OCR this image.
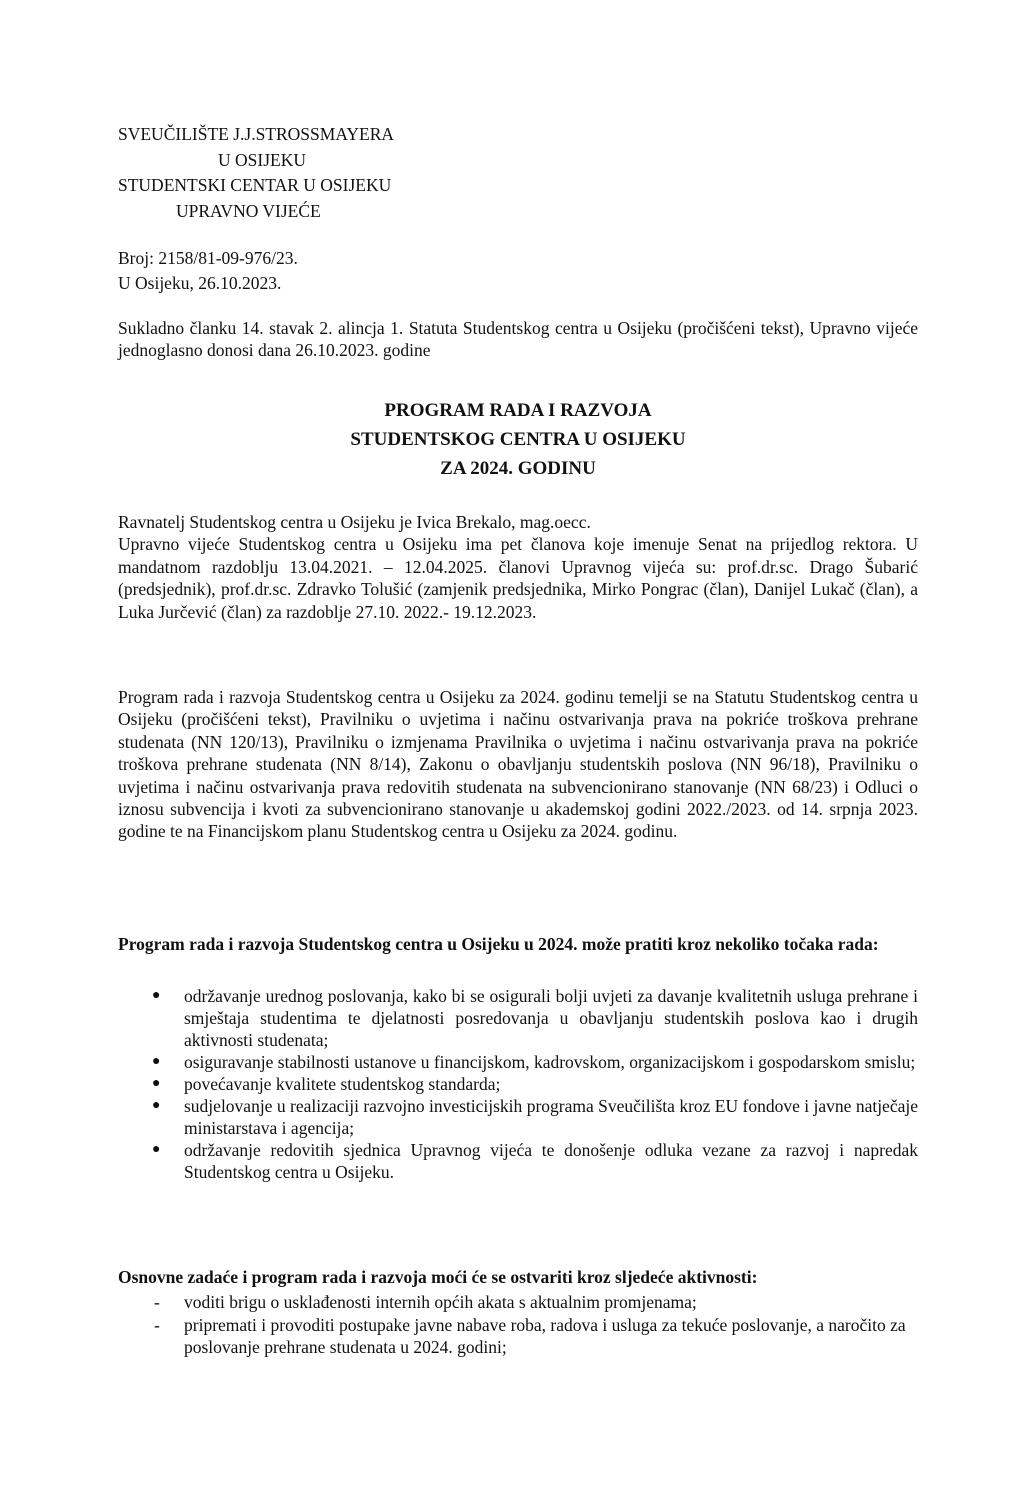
SVEUČILIŠTE J.J.STROSSMAYERA
U OSIJEKU
STUDENTSKI CENTAR U OSIJEKU
UPRAVNO VIJEĆE
Broj: 2158/81-09-976/23.
U Osijeku, 26.10.2023.
Sukladno članku 14. stavak 2. alincja 1. Statuta Studentskog centra u Osijeku (pročišćeni tekst), Upravno vijeće jednoglasno donosi dana 26.10.2023. godine
PROGRAM RADA I RAZVOJA
STUDENTSKOG CENTRA U OSIJEKU
ZA 2024. GODINU

Ravnatelj Studentskog centra u Osijeku je Ivica Brekalo, mag.oecc.

Upravno vijeće Studentskog centra u Osijeku ima pet članova koje imenuje Senat na prijedlog rektora. U mandatnom razdoblju 13.04.2021. – 12.04.2025. članovi Upravnog vijeća su: prof.dr.sc. Drago Šubarić (predsjednik), prof.dr.sc. Zdravko Tolušić (zamjenik predsjednika, Mirko Pongrac (član), Danijel Lukač (član), a Luka Jurčević (član) za razdoblje 27.10. 2022.- 19.12.2023.

Program rada i razvoja Studentskog centra u Osijeku za 2024. godinu temelji se na Statutu Studentskog centra u Osijeku (pročišćeni tekst), Pravilniku o uvjetima i načinu ostvarivanja prava na pokriće troškova prehrane studenata (NN 120/13), Pravilniku o izmjenama Pravilnika o uvjetima i načinu ostvarivanja prava na pokriće troškova prehrane studenata (NN 8/14), Zakonu o obavljanju studentskih poslova (NN 96/18), Pravilniku o uvjetima i načinu ostvarivanja prava redovitih studenata na subvencionirano stanovanje (NN 68/23) i Odluci o iznosu subvencija i kvoti za subvencionirano stanovanje u akademskoj godini 2022./2023. od 14. srpnja 2023. godine te na Financijskom planu Studentskog centra u Osijeku za 2024. godinu.
Program rada i razvoja Studentskog centra u Osijeku u 2024. može pratiti kroz nekoliko točaka rada:
● održavanje urednog poslovanja, kako bi se osigurali bolji uvjeti za davanje kvalitetnih usluga prehrane i smještaja studentima te djelatnosti posredovanja u obavljanju studentskih poslova kao i drugih aktivnosti studenata;
● osiguravanje stabilnosti ustanove u financijskom, kadrovskom, organizacijskom i gospodarskom smislu;
● povećavanje kvalitete studentskog standarda;
● sudjelovanje u realizaciji razvojno investicijskih programa Sveučilišta kroz EU fondove i javne natječaje ministarstava i agencija;
● održavanje redovitih sjednica Upravnog vijeća te donošenje odluka vezane za razvoj i napredak Studentskog centra u Osijeku.
Osnovne zadaće i program rada i razvoja moći će se ostvariti kroz sljedeće aktivnosti:
- voditi brigu o usklađenosti internih općih akata s aktualnim promjenama;
- pripremati i provoditi postupake javne nabave roba, radova i usluga za tekuće poslovanje, a naročito za poslovanje prehrane studenata u 2024. godini;
